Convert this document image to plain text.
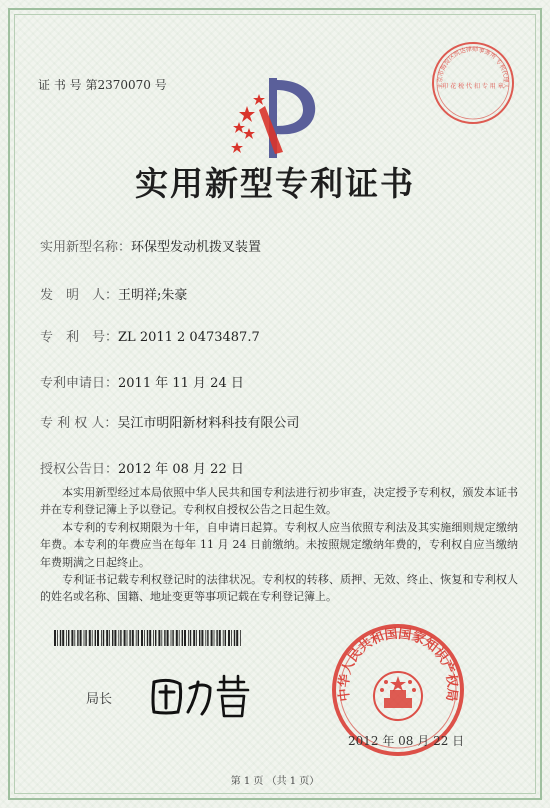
证 书 号 第2370070 号
实用新型专利证书
实用新型名称：环保型发动机拨叉装置
发　明　人：王明祥;朱豪
专　利　号：ZL 2011 2 0473487.7
专利申请日：2011 年 11 月 24 日
专 利 权 人：吴江市明阳新材料科技有限公司
授权公告日：2012 年 08 月 22 日

本实用新型经过本局依照中华人民共和国专利法进行初步审查，决定授予专利权，颁发本证书并在专利登记簿上予以登记。专利权自授权公告之日起生效。

本专利的专利权期限为十年，自申请日起算。专利权人应当依照专利法及其实施细则规定缴纳年费。本专利的年费应当在每年 11 月 24 日前缴纳。未按照规定缴纳年费的，专利权自应当缴纳年费期满之日起终止。

专利证书记载专利权登记时的法律状况。专利权的转移、质押、无效、终止、恢复和专利权人的姓名或名称、国籍、地址变更等事项记载在专利登记簿上。

局长	中华人民共和国国家知识产权局
北京市海淀区凯达律师事务所 专利代理人
印 花 税 代 扣 专 用 章
2012 年 08 月 22 日
第 1 页 （共 1 页）
